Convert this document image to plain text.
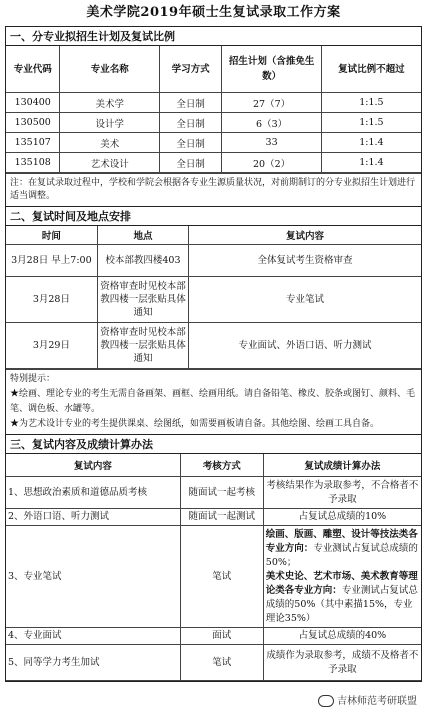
美术学院2019年硕士生复试录取工作方案
一、分专业拟招生计划及复试比例
专业代码	专业名称	学习方式	招生计划（含推免生数）	复试比例不超过
130400	美术学	全日制	27（7）	1:1.5
130500	设计学	全日制	6（3）	1:1.5
135107	美术	全日制	33	1:1.4
135108	艺术设计	全日制	20（2）	1:1.4
注：在复试录取过程中，学校和学院会根据各专业生源质量状况，对前期制订的分专业拟招生计划进行适当调整。
二、复试时间及地点安排
时间	地点	复试内容
3月28日 早上7:00	校本部教四楼403	全体复试考生资格审查
3月28日	资格审查时见校本部教四楼一层张贴具体通知	专业笔试
3月29日	资格审查时见校本部教四楼一层张贴具体通知	专业面试、外语口语、听力测试
特别提示：
★绘画、理论专业的考生无需自备画架、画框、绘画用纸。请自备铅笔、橡皮、胶条或图钉、颜料、毛笔、调色板、水罐等。
★为艺术设计专业的考生提供课桌、绘图纸，如需要画板请自备。其他绘图、绘画工具自备。
三、复试内容及成绩计算办法
复试内容	考核方式	复试成绩计算办法
1、思想政治素质和道德品质考核	随面试一起考核	考核结果作为录取参考，不合格者不予录取
2、外语口语、听力测试	随面试一起测试	占复试总成绩的10%
3、专业笔试	笔试	绘画、版画、雕塑、设计等技法类各专业方向：专业测试占复试总成绩的50%；
美术史论、艺术市场、美术教育等理论类各专业方向：专业测试占复试总成绩的50%（其中素描15%，专业理论35%）
4、专业面试	面试	占复试总成绩的40%
5、同等学力考生加试	笔试	成绩作为录取参考，成绩不及格者不予录取
吉林师范考研联盟
